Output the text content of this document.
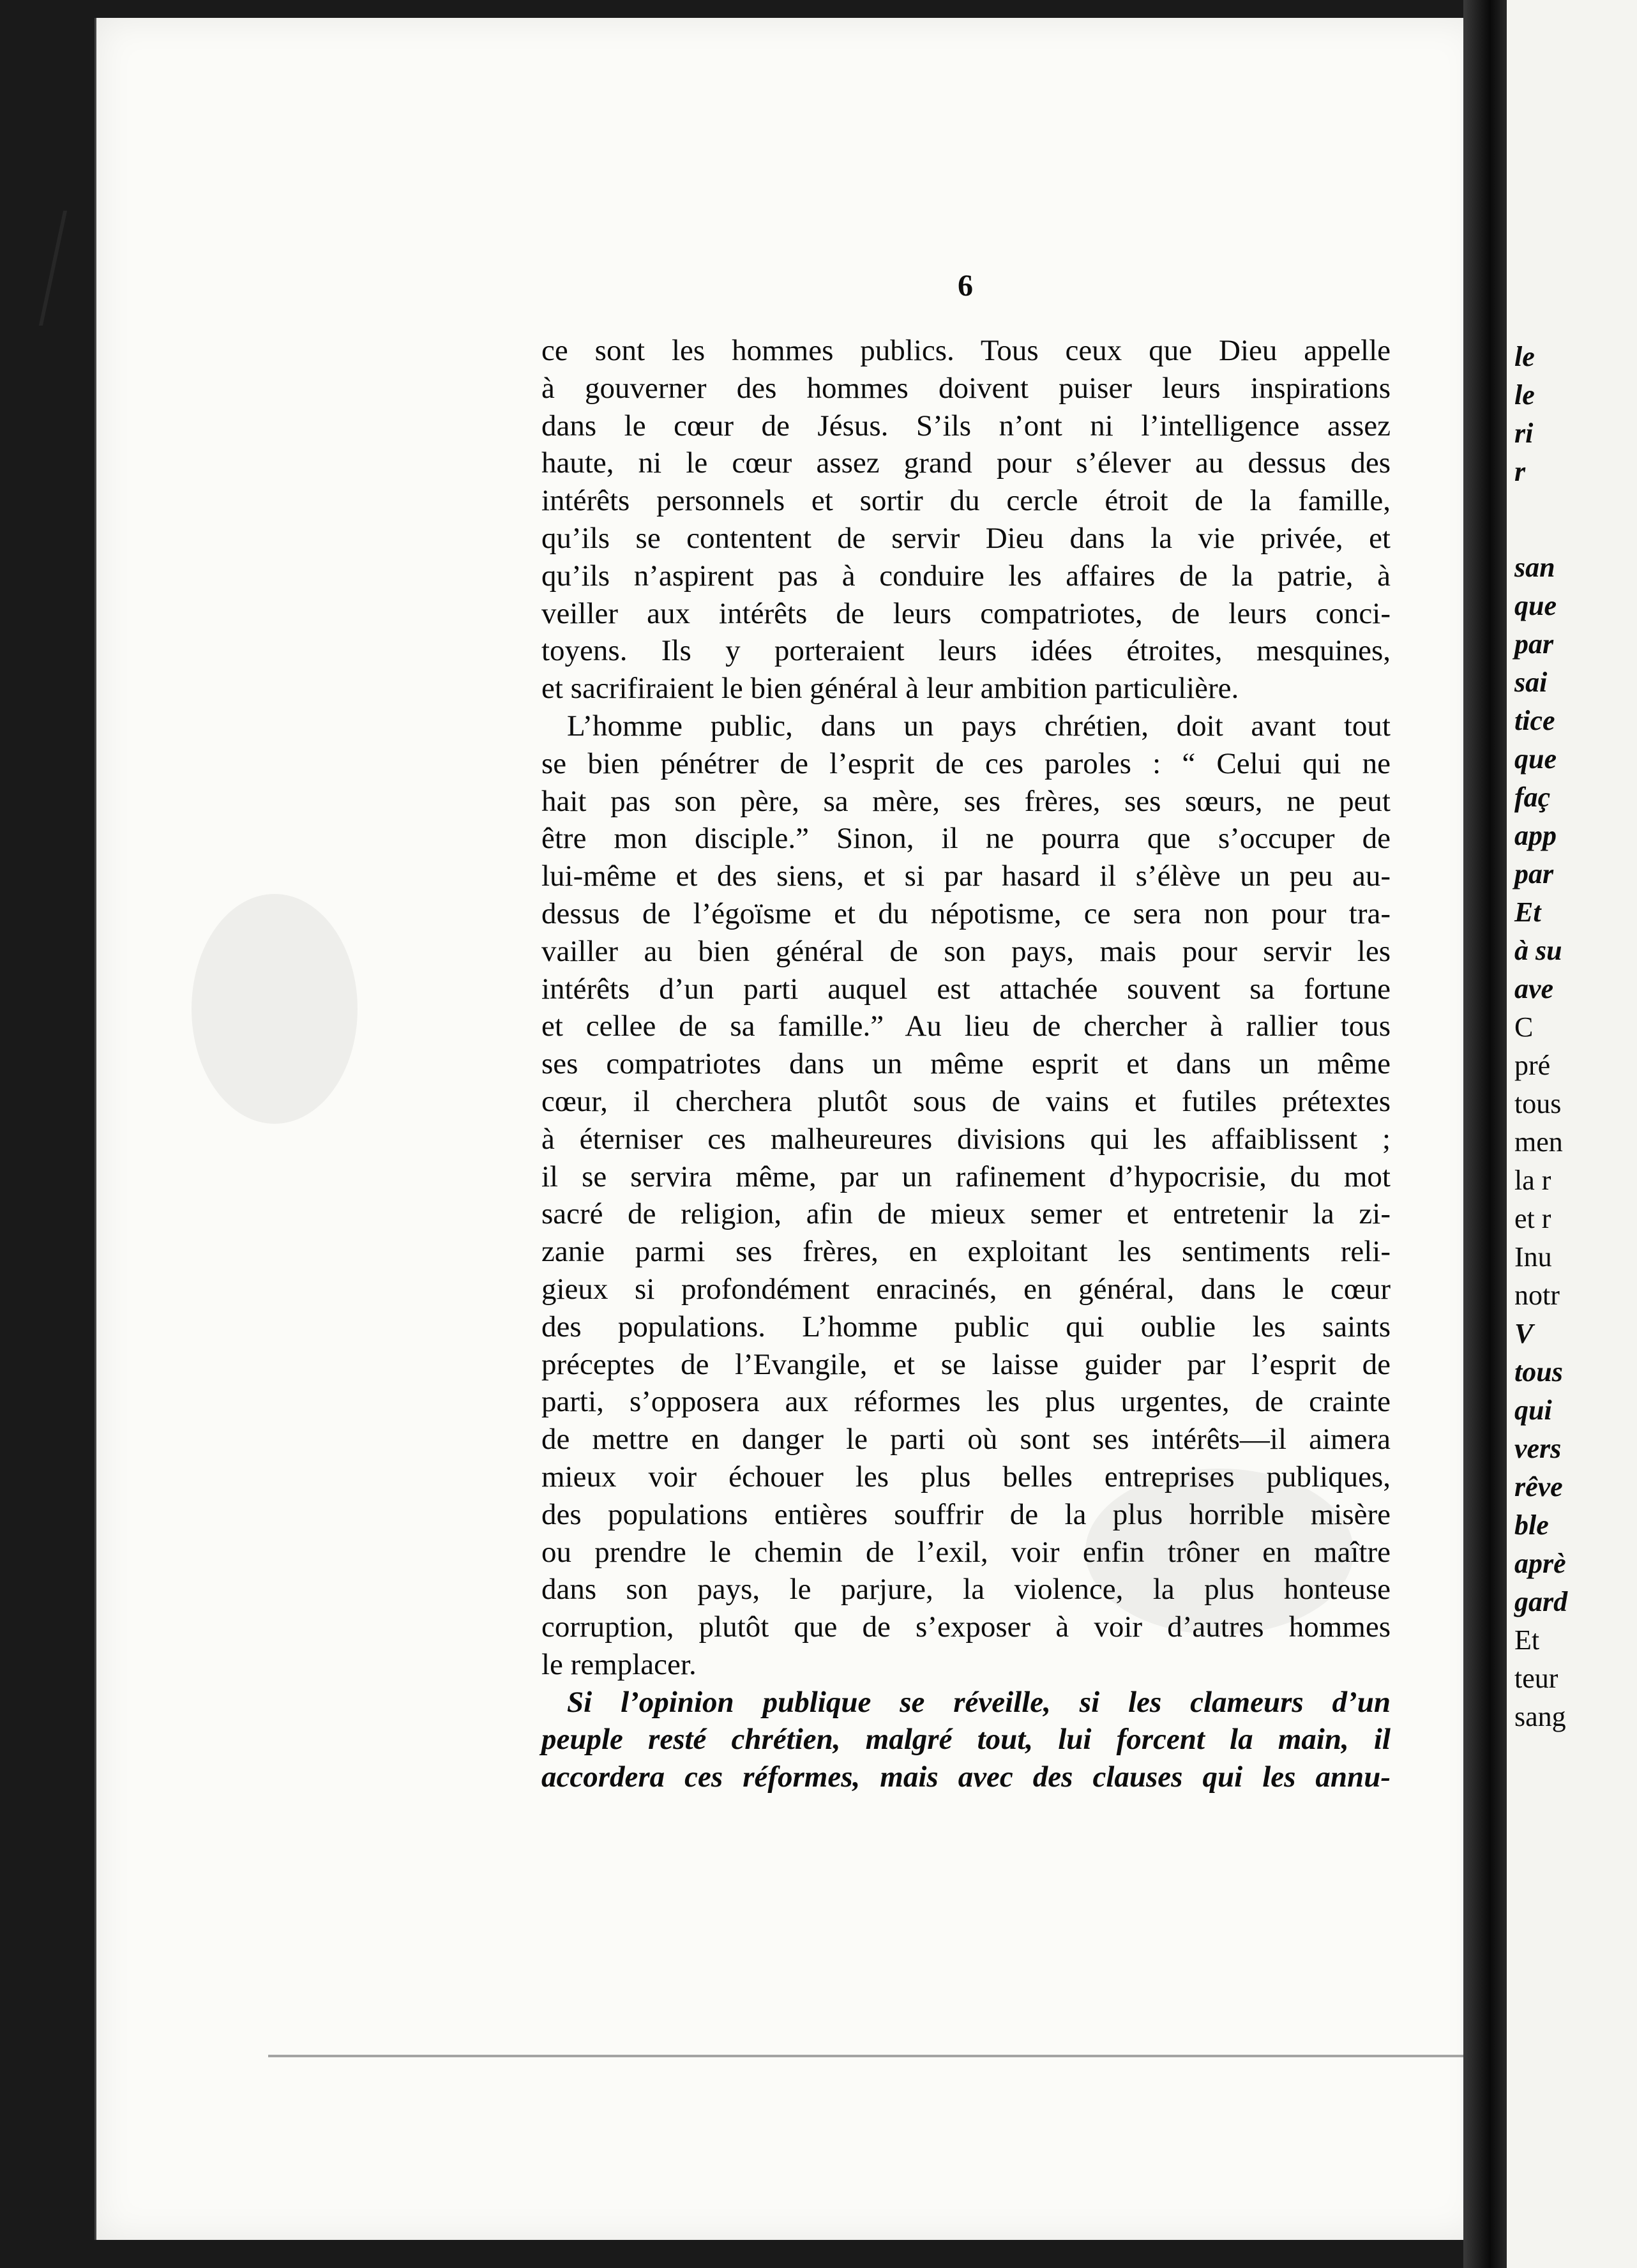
6
ce sont les hommes publics. Tous ceux que Dieu appelle
à gouverner des hommes doivent puiser leurs inspirations
dans le cœur de Jésus. S’ils n’ont ni l’intelligence assez
haute, ni le cœur assez grand pour s’élever au dessus des
intérêts personnels et sortir du cercle étroit de la famille,
qu’ils se contentent de servir Dieu dans la vie privée, et
qu’ils n’aspirent pas à conduire les affaires de la patrie, à
veiller aux intérêts de leurs compatriotes, de leurs conci-
toyens. Ils y porteraient leurs idées étroites, mesquines,
et sacrifiraient le bien général à leur ambition particulière.
L’homme public, dans un pays chrétien, doit avant tout
se bien pénétrer de l’esprit de ces paroles : “ Celui qui ne
hait pas son père, sa mère, ses frères, ses sœurs, ne peut
être mon disciple.” Sinon, il ne pourra que s’occuper de
lui-même et des siens, et si par hasard il s’élève un peu au-
dessus de l’égoïsme et du népotisme, ce sera non pour tra-
vailler au bien général de son pays, mais pour servir les
intérêts d’un parti auquel est attachée souvent sa fortune
et cellee de sa famille.” Au lieu de chercher à rallier tous
ses compatriotes dans un même esprit et dans un même
cœur, il cherchera plutôt sous de vains et futiles prétextes
à éterniser ces malheureures divisions qui les affaiblissent ;
il se servira même, par un rafinement d’hypocrisie, du mot
sacré de religion, afin de mieux semer et entretenir la zi-
zanie parmi ses frères, en exploitant les sentiments reli-
gieux si profondément enracinés, en général, dans le cœur
des populations. L’homme public qui oublie les saints
préceptes de l’Evangile, et se laisse guider par l’esprit de
parti, s’opposera aux réformes les plus urgentes, de crainte
de mettre en danger le parti où sont ses intérêts—il aimera
mieux voir échouer les plus belles entreprises publiques,
des populations entières souffrir de la plus horrible misère
ou prendre le chemin de l’exil, voir enfin trôner en maître
dans son pays, le parjure, la violence, la plus honteuse
corruption, plutôt que de s’exposer à voir d’autres hommes
le remplacer.
Si l’opinion publique se réveille, si les clameurs d’un
peuple resté chrétien, malgré tout, lui forcent la main, il
accordera ces réformes, mais avec des clauses qui les annu-
le
le
ri
r
san
que
par
sai
tice
que
faç
app
par
Et
à su
ave
C
pré
tous
men
la r
et r
Inu
notr
V
tous
qui
vers
rêve
ble
aprè
gard
Et
teur
sang
